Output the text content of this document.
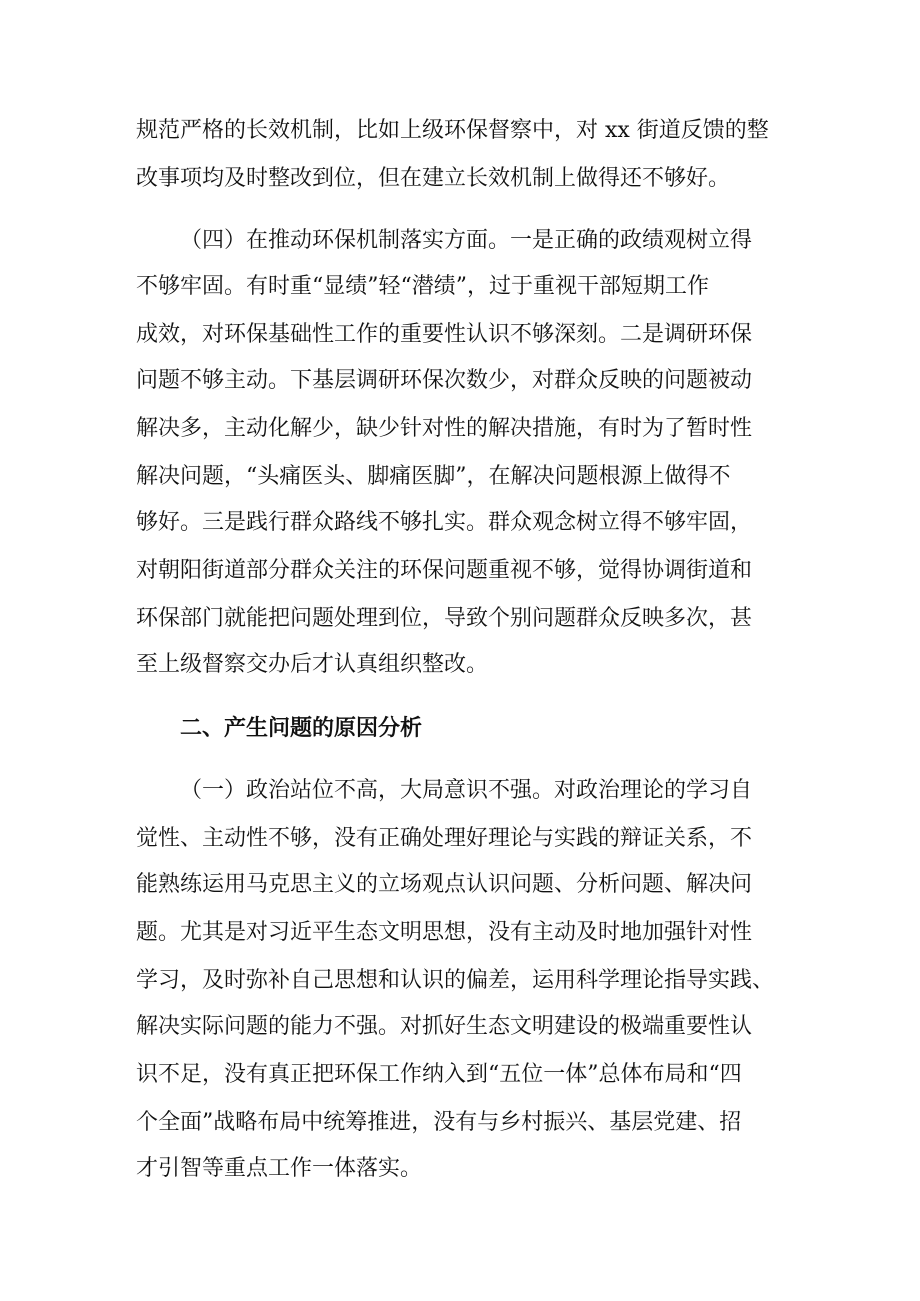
规范严格的长效机制，比如上级环保督察中，对 xx 街道反馈的整
改事项均及时整改到位，但在建立长效机制上做得还不够好。
（四）在推动环保机制落实方面。一是正确的政绩观树立得
不够牢固。有时重“显绩”轻“潜绩”，过于重视干部短期工作
成效，对环保基础性工作的重要性认识不够深刻。二是调研环保
问题不够主动。下基层调研环保次数少，对群众反映的问题被动
解决多，主动化解少，缺少针对性的解决措施，有时为了暂时性
解决问题，“头痛医头、脚痛医脚”，在解决问题根源上做得不
够好。三是践行群众路线不够扎实。群众观念树立得不够牢固，
对朝阳街道部分群众关注的环保问题重视不够，觉得协调街道和
环保部门就能把问题处理到位，导致个别问题群众反映多次，甚
至上级督察交办后才认真组织整改。
二、产生问题的原因分析
（一）政治站位不高，大局意识不强。对政治理论的学习自
觉性、主动性不够，没有正确处理好理论与实践的辩证关系，不
能熟练运用马克思主义的立场观点认识问题、分析问题、解决问
题。尤其是对习近平生态文明思想，没有主动及时地加强针对性
学习，及时弥补自己思想和认识的偏差，运用科学理论指导实践、
解决实际问题的能力不强。对抓好生态文明建设的极端重要性认
识不足，没有真正把环保工作纳入到“五位一体”总体布局和“四
个全面”战略布局中统筹推进，没有与乡村振兴、基层党建、招
才引智等重点工作一体落实。
